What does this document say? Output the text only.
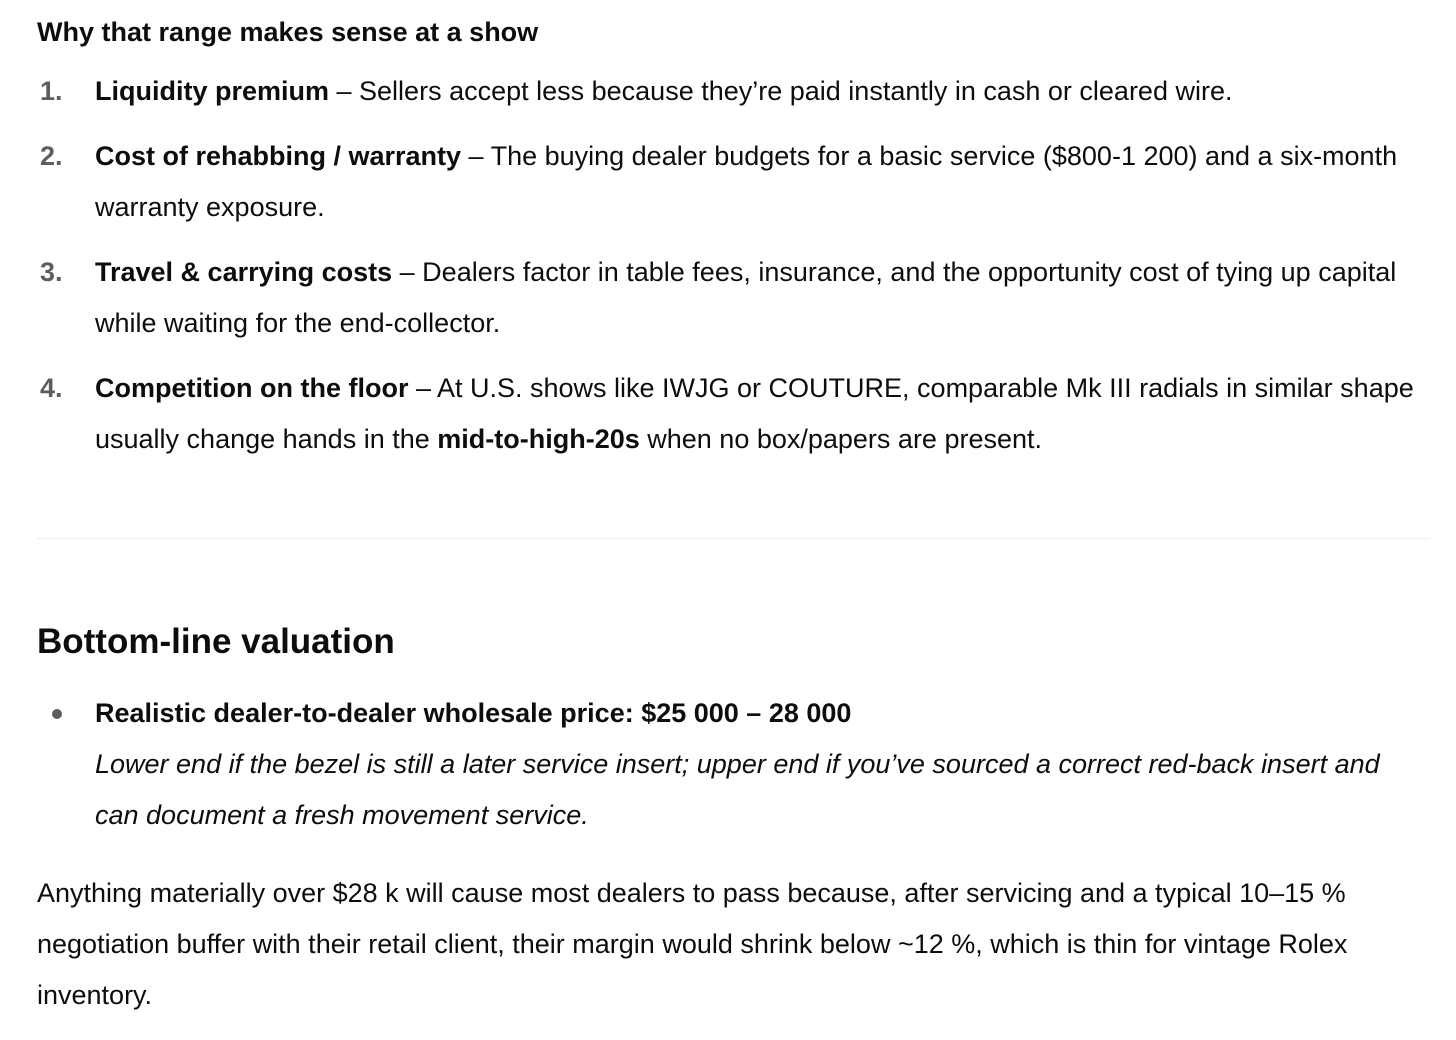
Why that range makes sense at a show
1. Liquidity premium – Sellers accept less because they’re paid instantly in cash or cleared wire.
2. Cost of rehabbing / warranty – The buying dealer budgets for a basic service ($800-1 200) and a six-month warranty exposure.
3. Travel & carrying costs – Dealers factor in table fees, insurance, and the opportunity cost of tying up capital while waiting for the end-collector.
4. Competition on the floor – At U.S. shows like IWJG or COUTURE, comparable Mk III radials in similar shape usually change hands in the mid-to-high-20s when no box/papers are present.
Bottom-line valuation
Realistic dealer-to-dealer wholesale price: $25 000 – 28 000
Lower end if the bezel is still a later service insert; upper end if you’ve sourced a correct red-back insert and can document a fresh movement service.

Anything materially over $28 k will cause most dealers to pass because, after servicing and a typical 10–15 % negotiation buffer with their retail client, their margin would shrink below ~12 %, which is thin for vintage Rolex inventory.
